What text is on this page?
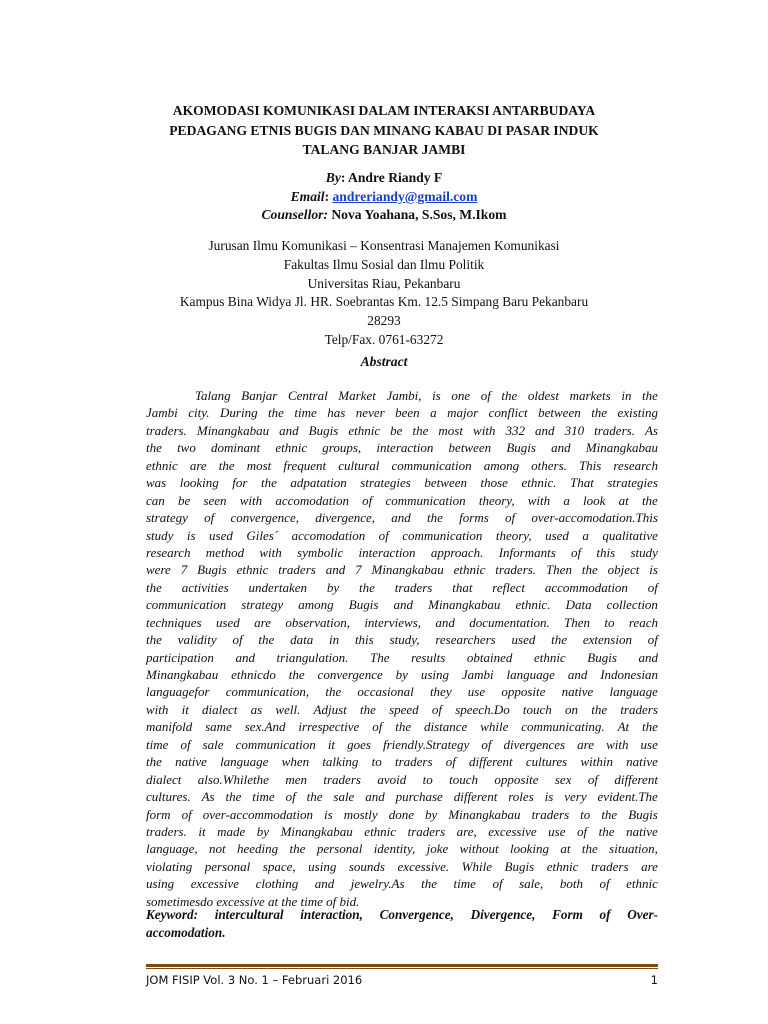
AKOMODASI KOMUNIKASI DALAM INTERAKSI ANTARBUDAYA
PEDAGANG ETNIS BUGIS DAN MINANG KABAU DI PASAR INDUK
TALANG BANJAR JAMBI
By: Andre Riandy F
Email: andreriandy@gmail.com
Counsellor: Nova Yoahana, S.Sos, M.Ikom
Jurusan Ilmu Komunikasi – Konsentrasi Manajemen Komunikasi
Fakultas Ilmu Sosial dan Ilmu Politik
Universitas Riau, Pekanbaru
Kampus Bina Widya Jl. HR. Soebrantas Km. 12.5 Simpang Baru Pekanbaru
28293
Telp/Fax. 0761-63272
Abstract
Talang Banjar Central Market Jambi, is one of the oldest markets in the
Jambi city. During the time has never been a major conflict between the existing
traders. Minangkabau and Bugis ethnic be the most with 332 and 310 traders. As
the two dominant ethnic groups, interaction between Bugis and Minangkabau
ethnic are the most frequent cultural communication among others. This research
was looking for the adpatation strategies between those ethnic. That strategies
can be seen with accomodation of communication theory, with a look at the
strategy of convergence, divergence, and the forms of over-accomodation.This
study is used Giles´ accomodation of communication theory, used a qualitative
research method with symbolic interaction approach. Informants of this study
were 7 Bugis ethnic traders and 7 Minangkabau ethnic traders. Then the object is
the activities undertaken by the traders that reflect accommodation of
communication strategy among Bugis and Minangkabau ethnic. Data collection
techniques used are observation, interviews, and documentation. Then to reach
the validity of the data in this study, researchers used the extension of
participation and triangulation. The results obtained ethnic Bugis and
Minangkabau ethnicdo the convergence by using Jambi language and Indonesian
languagefor communication, the occasional they use opposite native language
with it dialect as well. Adjust the speed of speech.Do touch on the traders
manifold same sex.And irrespective of the distance while communicating. At the
time of sale communication it goes friendly.Strategy of divergences are with use
the native language when talking to traders of different cultures within native
dialect also.Whilethe men traders avoid to touch opposite sex of different
cultures. As the time of the sale and purchase different roles is very evident.The
form of over-accommodation is mostly done by Minangkabau traders to the Bugis
traders. it made by Minangkabau ethnic traders are, excessive use of the native
language, not heeding the personal identity, joke without looking at the situation,
violating personal space, using sounds excessive. While Bugis ethnic traders are
using excessive clothing and jewelry.As the time of sale, both of ethnic
sometimesdo excessive at the time of bid.
Keyword: intercultural interaction, Convergence, Divergence, Form of Over-
accomodation.
JOM FISIP Vol. 3 No. 1 – Februari 2016	1
